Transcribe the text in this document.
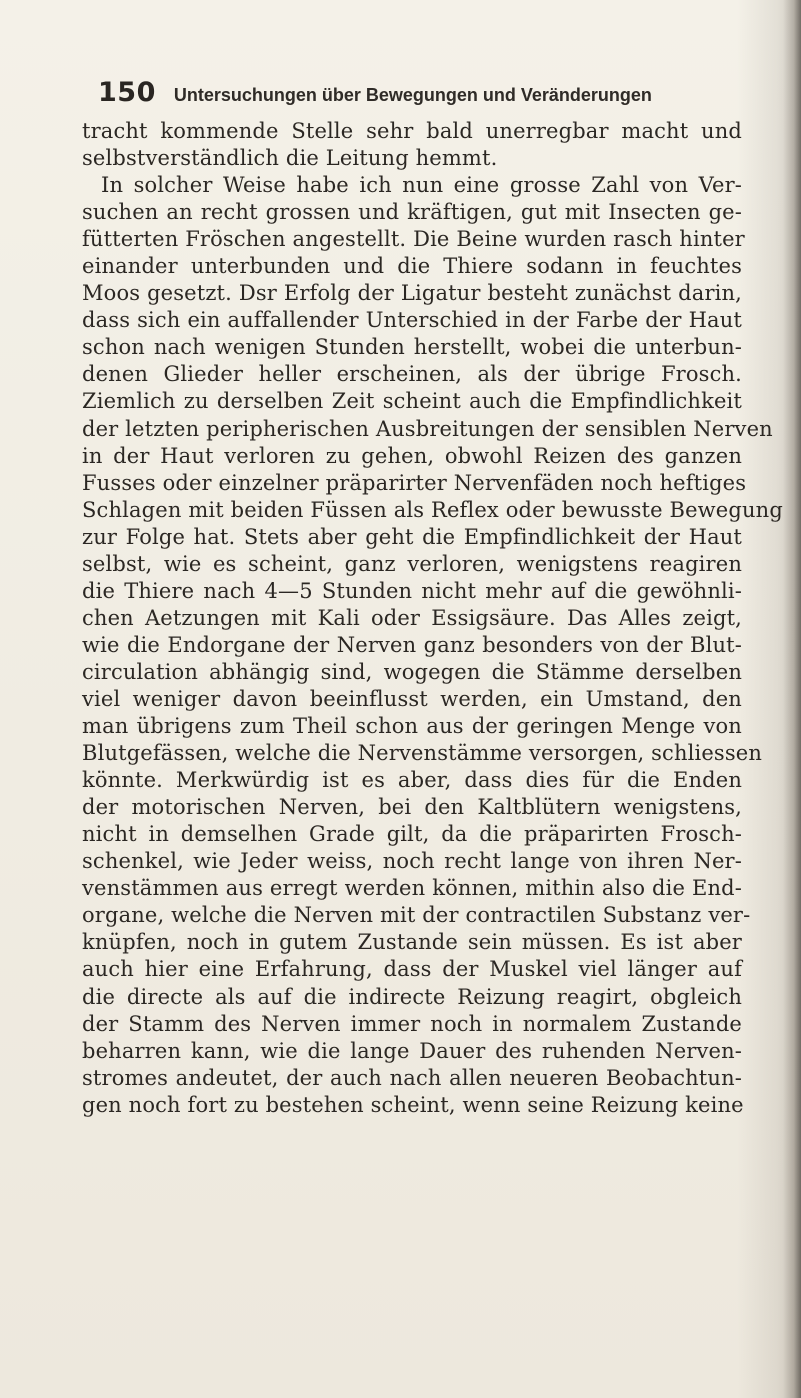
150 Untersuchungen über Bewegungen und Veränderungen
tracht kommende Stelle sehr bald unerregbar macht und
selbstverständlich die Leitung hemmt.
In solcher Weise habe ich nun eine grosse Zahl von Ver-
suchen an recht grossen und kräftigen, gut mit Insecten ge-
fütterten Fröschen angestellt. Die Beine wurden rasch hinter
einander unterbunden und die Thiere sodann in feuchtes
Moos gesetzt. Dsr Erfolg der Ligatur besteht zunächst darin,
dass sich ein auffallender Unterschied in der Farbe der Haut
schon nach wenigen Stunden herstellt, wobei die unterbun-
denen Glieder heller erscheinen, als der übrige Frosch.
Ziemlich zu derselben Zeit scheint auch die Empfindlichkeit
der letzten peripherischen Ausbreitungen der sensiblen Nerven
in der Haut verloren zu gehen, obwohl Reizen des ganzen
Fusses oder einzelner präparirter Nervenfäden noch heftiges
Schlagen mit beiden Füssen als Reflex oder bewusste Bewegung
zur Folge hat. Stets aber geht die Empfindlichkeit der Haut
selbst, wie es scheint, ganz verloren, wenigstens reagiren
die Thiere nach 4—5 Stunden nicht mehr auf die gewöhnli-
chen Aetzungen mit Kali oder Essigsäure. Das Alles zeigt,
wie die Endorgane der Nerven ganz besonders von der Blut-
circulation abhängig sind, wogegen die Stämme derselben
viel weniger davon beeinflusst werden, ein Umstand, den
man übrigens zum Theil schon aus der geringen Menge von
Blutgefässen, welche die Nervenstämme versorgen, schliessen
könnte. Merkwürdig ist es aber, dass dies für die Enden
der motorischen Nerven, bei den Kaltblütern wenigstens,
nicht in demselhen Grade gilt, da die präparirten Frosch-
schenkel, wie Jeder weiss, noch recht lange von ihren Ner-
venstämmen aus erregt werden können, mithin also die End-
organe, welche die Nerven mit der contractilen Substanz ver-
knüpfen, noch in gutem Zustande sein müssen. Es ist aber
auch hier eine Erfahrung, dass der Muskel viel länger auf
die directe als auf die indirecte Reizung reagirt, obgleich
der Stamm des Nerven immer noch in normalem Zustande
beharren kann, wie die lange Dauer des ruhenden Nerven-
stromes andeutet, der auch nach allen neueren Beobachtun-
gen noch fort zu bestehen scheint, wenn seine Reizung keine
